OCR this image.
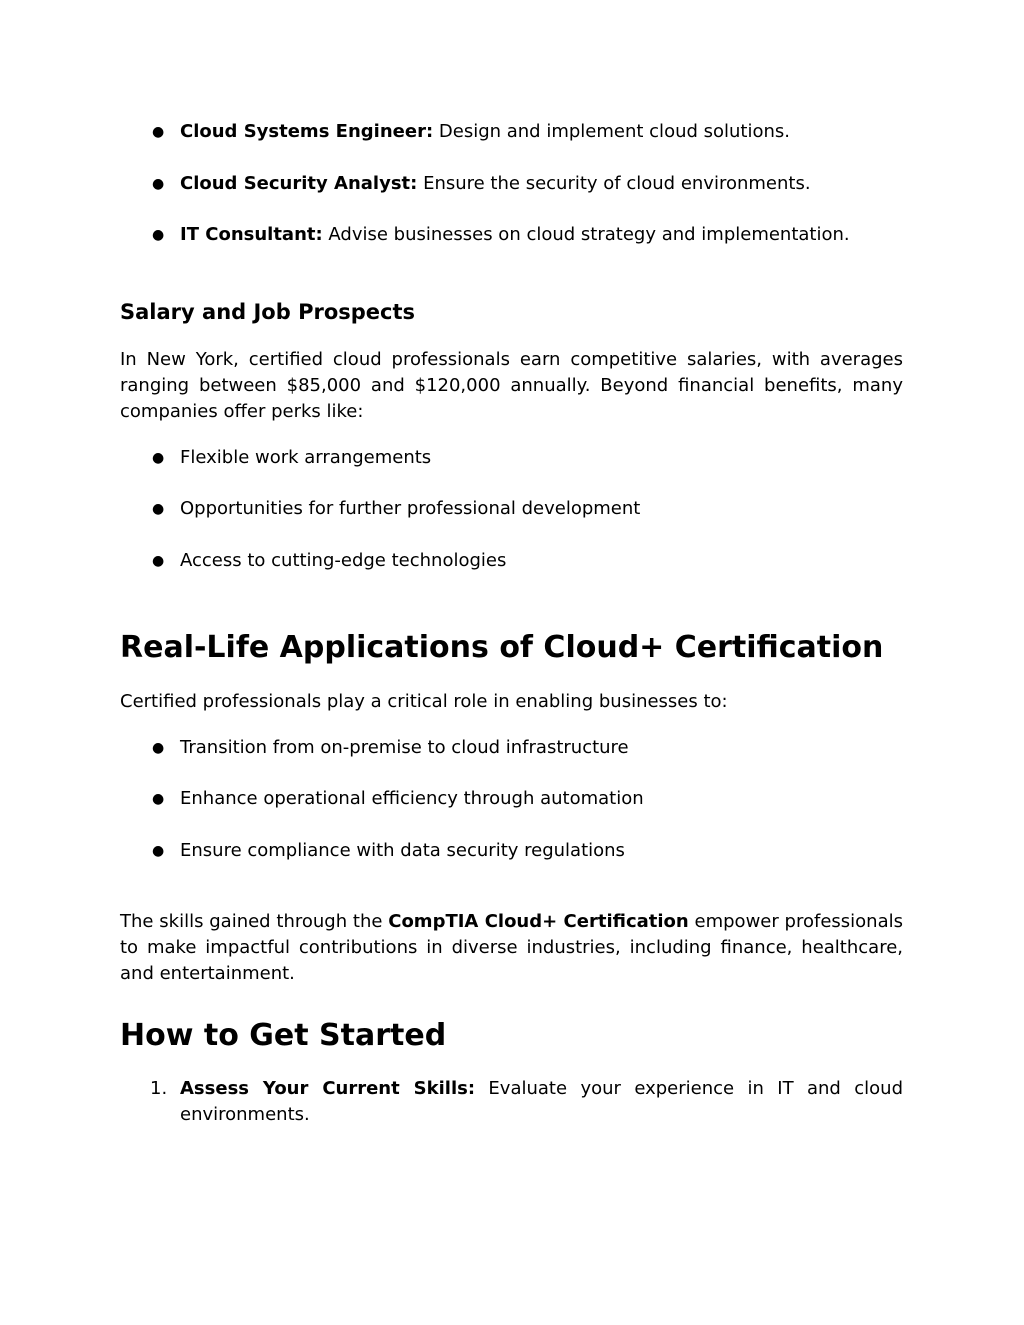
● Cloud Systems Engineer: Design and implement cloud solutions.
● Cloud Security Analyst: Ensure the security of cloud environments.
● IT Consultant: Advise businesses on cloud strategy and implementation.
Salary and Job Prospects
In New York, certified cloud professionals earn competitive salaries, with averages ranging between $85,000 and $120,000 annually. Beyond financial benefits, many companies offer perks like:
● Flexible work arrangements
● Opportunities for further professional development
● Access to cutting-edge technologies
Real-Life Applications of Cloud+ Certification
Certified professionals play a critical role in enabling businesses to:
● Transition from on-premise to cloud infrastructure
● Enhance operational efficiency through automation
● Ensure compliance with data security regulations
The skills gained through the CompTIA Cloud+ Certification empower professionals to make impactful contributions in diverse industries, including finance, healthcare, and entertainment.
How to Get Started
1. Assess Your Current Skills: Evaluate your experience in IT and cloud environments.
